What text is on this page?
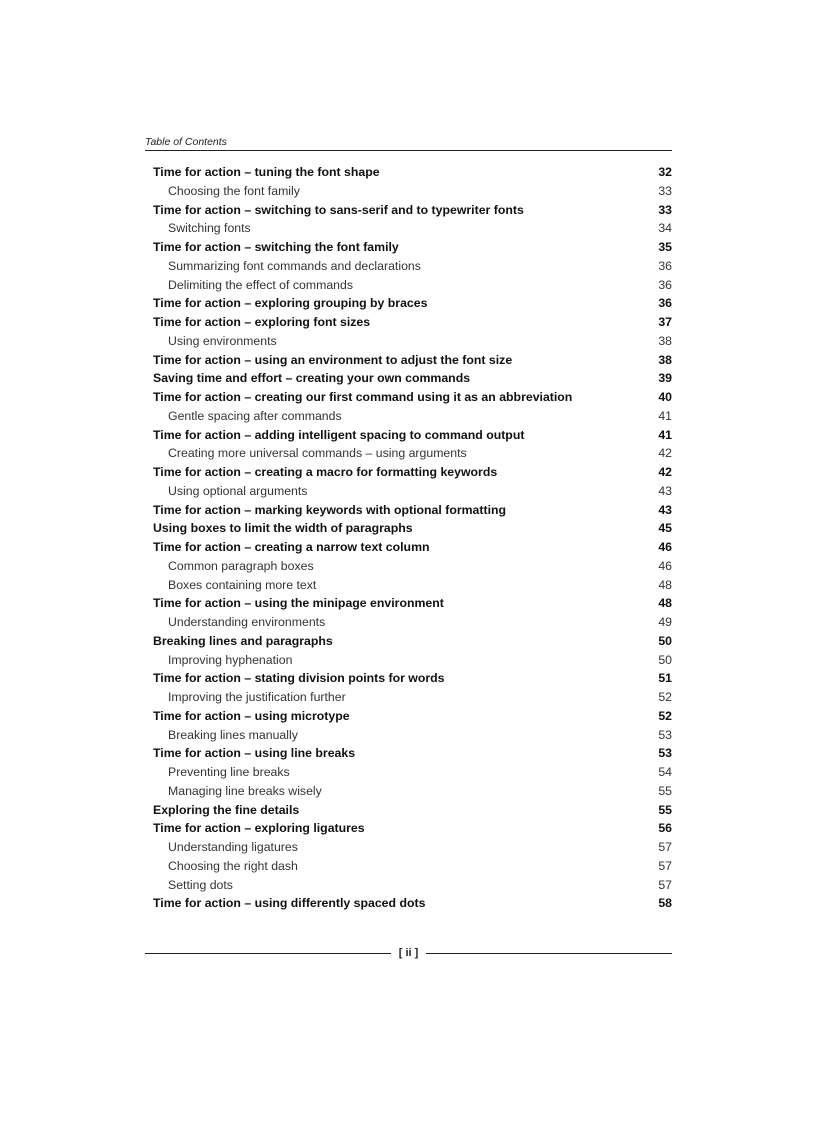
Table of Contents
Time for action – tuning the font shape	32
Choosing the font family	33
Time for action – switching to sans-serif and to typewriter fonts	33
Switching fonts	34
Time for action – switching the font family	35
Summarizing font commands and declarations	36
Delimiting the effect of commands	36
Time for action – exploring grouping by braces	36
Time for action – exploring font sizes	37
Using environments	38
Time for action – using an environment to adjust the font size	38
Saving time and effort – creating your own commands	39
Time for action – creating our first command using it as an abbreviation	40
Gentle spacing after commands	41
Time for action – adding intelligent spacing to command output	41
Creating more universal commands – using arguments	42
Time for action – creating a macro for formatting keywords	42
Using optional arguments	43
Time for action – marking keywords with optional formatting	43
Using boxes to limit the width of paragraphs	45
Time for action – creating a narrow text column	46
Common paragraph boxes	46
Boxes containing more text	48
Time for action – using the minipage environment	48
Understanding environments	49
Breaking lines and paragraphs	50
Improving hyphenation	50
Time for action – stating division points for words	51
Improving the justification further	52
Time for action – using microtype	52
Breaking lines manually	53
Time for action – using line breaks	53
Preventing line breaks	54
Managing line breaks wisely	55
Exploring the fine details	55
Time for action – exploring ligatures	56
Understanding ligatures	57
Choosing the right dash	57
Setting dots	57
Time for action – using differently spaced dots	58
[ ii ]
